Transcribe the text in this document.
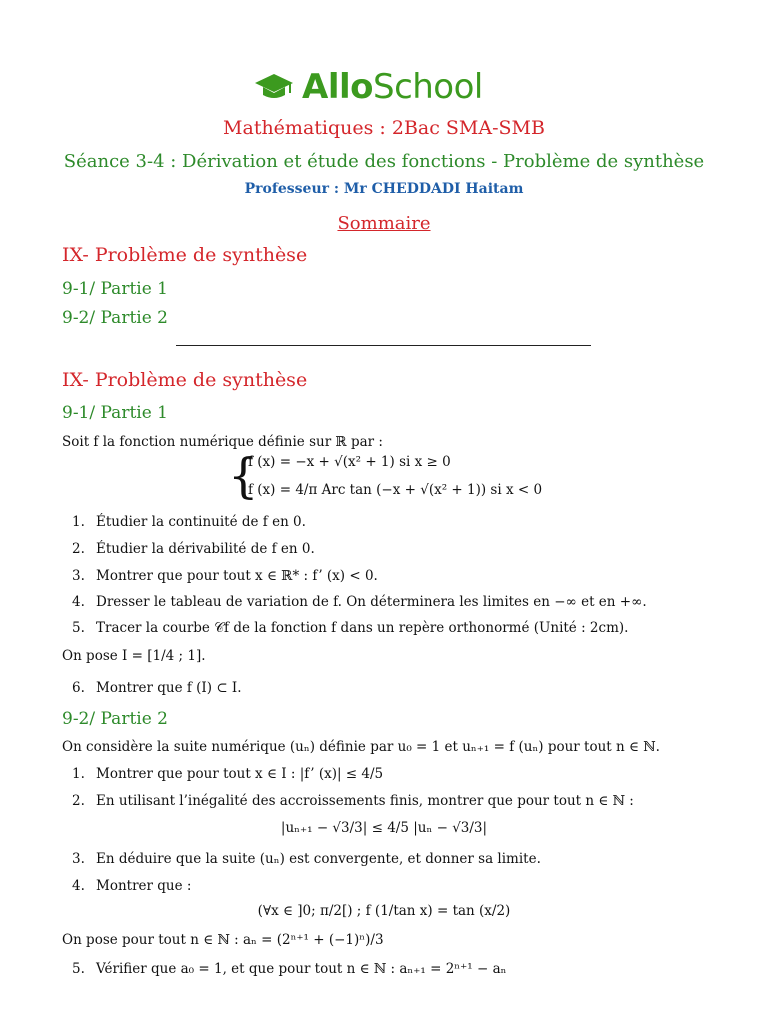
AlloSchool
Mathématiques : 2Bac SMA-SMB
Séance 3-4 : Dérivation et étude des fonctions - Problème de synthèse
Professeur : Mr CHEDDADI Haitam
Sommaire
IX- Problème de synthèse
9-1/ Partie 1
9-2/ Partie 2
IX- Problème de synthèse
9-1/ Partie 1
Soit f la fonction numérique définie sur ℝ par :
{
f (x) = −x + √(x² + 1) si x ≥ 0
f (x) = 4/π Arc tan (−x + √(x² + 1)) si x < 0
1. Étudier la continuité de f en 0.
2. Étudier la dérivabilité de f en 0.
3. Montrer que pour tout x ∈ ℝ* : f’ (x) < 0.
4. Dresser le tableau de variation de f. On déterminera les limites en −∞ et en +∞.
5. Tracer la courbe 𝒞f de la fonction f dans un repère orthonormé (Unité : 2cm).
On pose I = [1/4 ; 1].
6. Montrer que f (I) ⊂ I.
9-2/ Partie 2
On considère la suite numérique (uₙ) définie par u₀ = 1 et uₙ₊₁ = f (uₙ) pour tout n ∈ ℕ.
1. Montrer que pour tout x ∈ I : |f’ (x)| ≤ 4/5
2. En utilisant l’inégalité des accroissements finis, montrer que pour tout n ∈ ℕ :
|uₙ₊₁ − √3/3| ≤ 4/5 |uₙ − √3/3|
3. En déduire que la suite (uₙ) est convergente, et donner sa limite.
4. Montrer que :
(∀x ∈ ]0; π/2[) ; f (1/tan x) = tan (x/2)
On pose pour tout n ∈ ℕ : aₙ = (2ⁿ⁺¹ + (−1)ⁿ)/3
5. Vérifier que a₀ = 1, et que pour tout n ∈ ℕ : aₙ₊₁ = 2ⁿ⁺¹ − aₙ
